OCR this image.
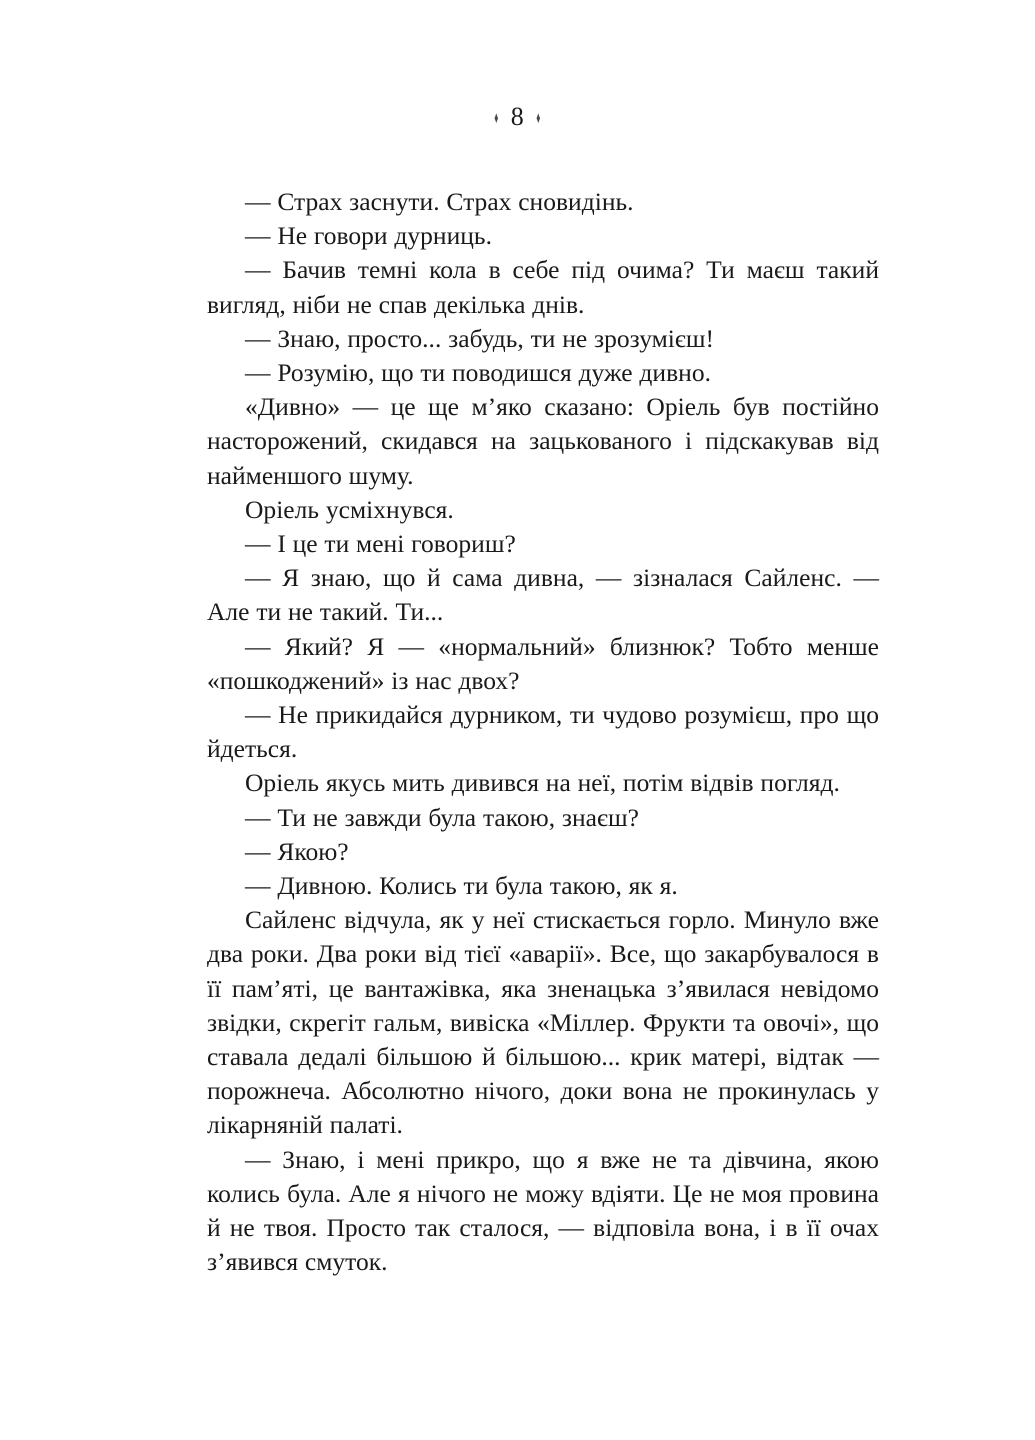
♦ 8 ♦

— Страх заснути. Страх сновидінь.

— Не говори дурниць.

— Бачив темні кола в себе під очима? Ти маєш такий вигляд, ніби не спав декілька днів.

— Знаю, просто... забудь, ти не зрозумієш!

— Розумію, що ти поводишся дуже дивно.

«Дивно» — це ще м’яко сказано: Оріель був постійно насторожений, скидався на зацькованого і підскакував від найменшого шуму.

Оріель усміхнувся.

— І це ти мені говориш?

— Я знаю, що й сама дивна, — зізналася Сайленс. — Але ти не такий. Ти...

— Який? Я — «нормальний» близнюк? Тобто менше «пошкоджений» із нас двох?

— Не прикидайся дурником, ти чудово розумієш, про що йдеться.

Оріель якусь мить дивився на неї, потім відвів погляд.

— Ти не завжди була такою, знаєш?

— Якою?

— Дивною. Колись ти була такою, як я.

Сайленс відчула, як у неї стискається горло. Минуло вже два роки. Два роки від тієї «аварії». Все, що закарбувалося в її пам’яті, це вантажівка, яка зненацька з’явилася невідомо звідки, скрегіт гальм, вивіска «Міллер. Фрукти та овочі», що ставала дедалі більшою й більшою... крик матері, відтак — порожнеча. Абсолютно нічого, доки вона не прокинулась у лікарняній палаті.

— Знаю, і мені прикро, що я вже не та дівчина, якою колись була. Але я нічого не можу вдіяти. Це не моя провина й не твоя. Просто так сталося, — відповіла вона, і в її очах з’явився смуток.
